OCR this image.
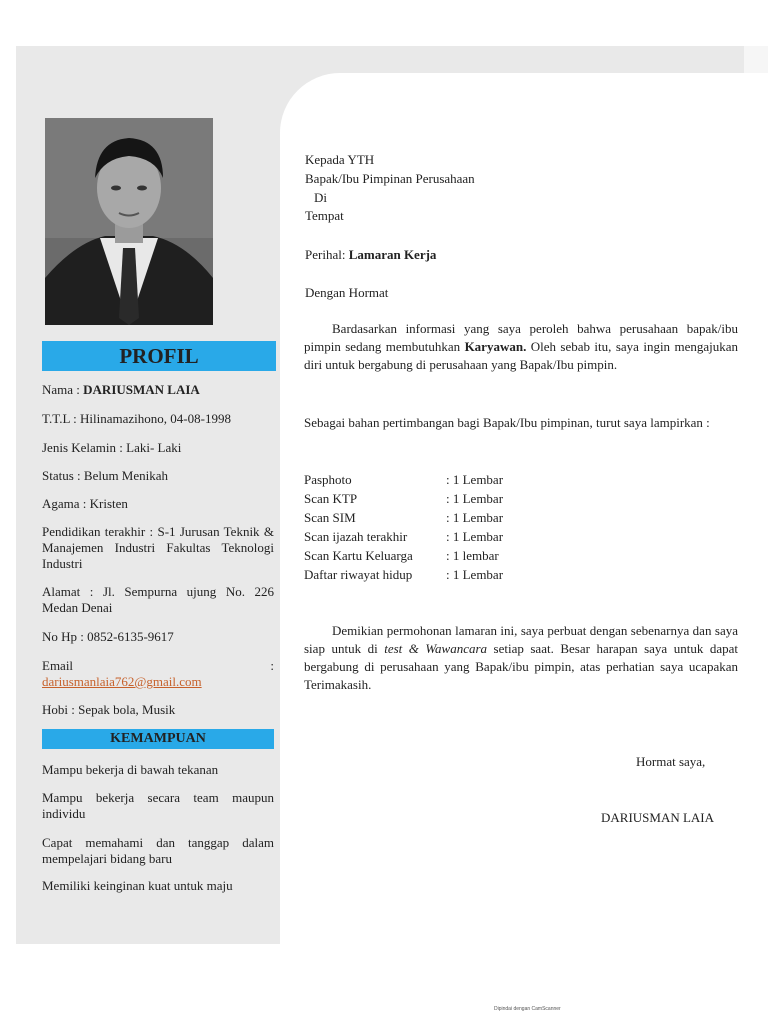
PROFIL
Nama : DARIUSMAN LAIA
T.T.L : Hilinamazihono, 04-08-1998
Jenis Kelamin : Laki- Laki
Status : Belum Menikah
Agama : Kristen
Pendidikan terakhir : S-1 Jurusan Teknik & Manajemen Industri Fakultas Teknologi Industri
Alamat : Jl. Sempurna ujung No. 226 Medan Denai
No Hp : 0852-6135-9617
Email	:
dariusmanlaia762@gmail.com
Hobi : Sepak bola, Musik
KEMAMPUAN
Mampu bekerja di bawah tekanan
Mampu bekerja secara team maupun individu
Capat memahami dan tanggap dalam mempelajari bidang baru
Memiliki keinginan kuat untuk maju
Kepada YTH
Bapak/Ibu Pimpinan Perusahaan
Di
Tempat
Perihal: Lamaran Kerja
Dengan Hormat
Bardasarkan informasi yang saya peroleh bahwa perusahaan bapak/ibu pimpin sedang membutuhkan Karyawan. Oleh sebab itu, saya ingin mengajukan diri untuk bergabung di perusahaan yang Bapak/Ibu pimpin.
Sebagai bahan pertimbangan bagi Bapak/Ibu pimpinan, turut saya lampirkan :
Pasphoto	: 1 Lembar
Scan KTP	: 1 Lembar
Scan SIM	: 1 Lembar
Scan ijazah terakhir	: 1 Lembar
Scan Kartu Keluarga	: 1 lembar
Daftar riwayat hidup	: 1 Lembar
Demikian permohonan lamaran ini, saya perbuat dengan sebenarnya dan saya siap untuk di test & Wawancara setiap saat. Besar harapan saya untuk dapat bergabung di perusahaan yang Bapak/ibu pimpin, atas perhatian saya ucapakan Terimakasih.
Hormat saya,
DARIUSMAN LAIA
Dipindai dengan CamScanner
